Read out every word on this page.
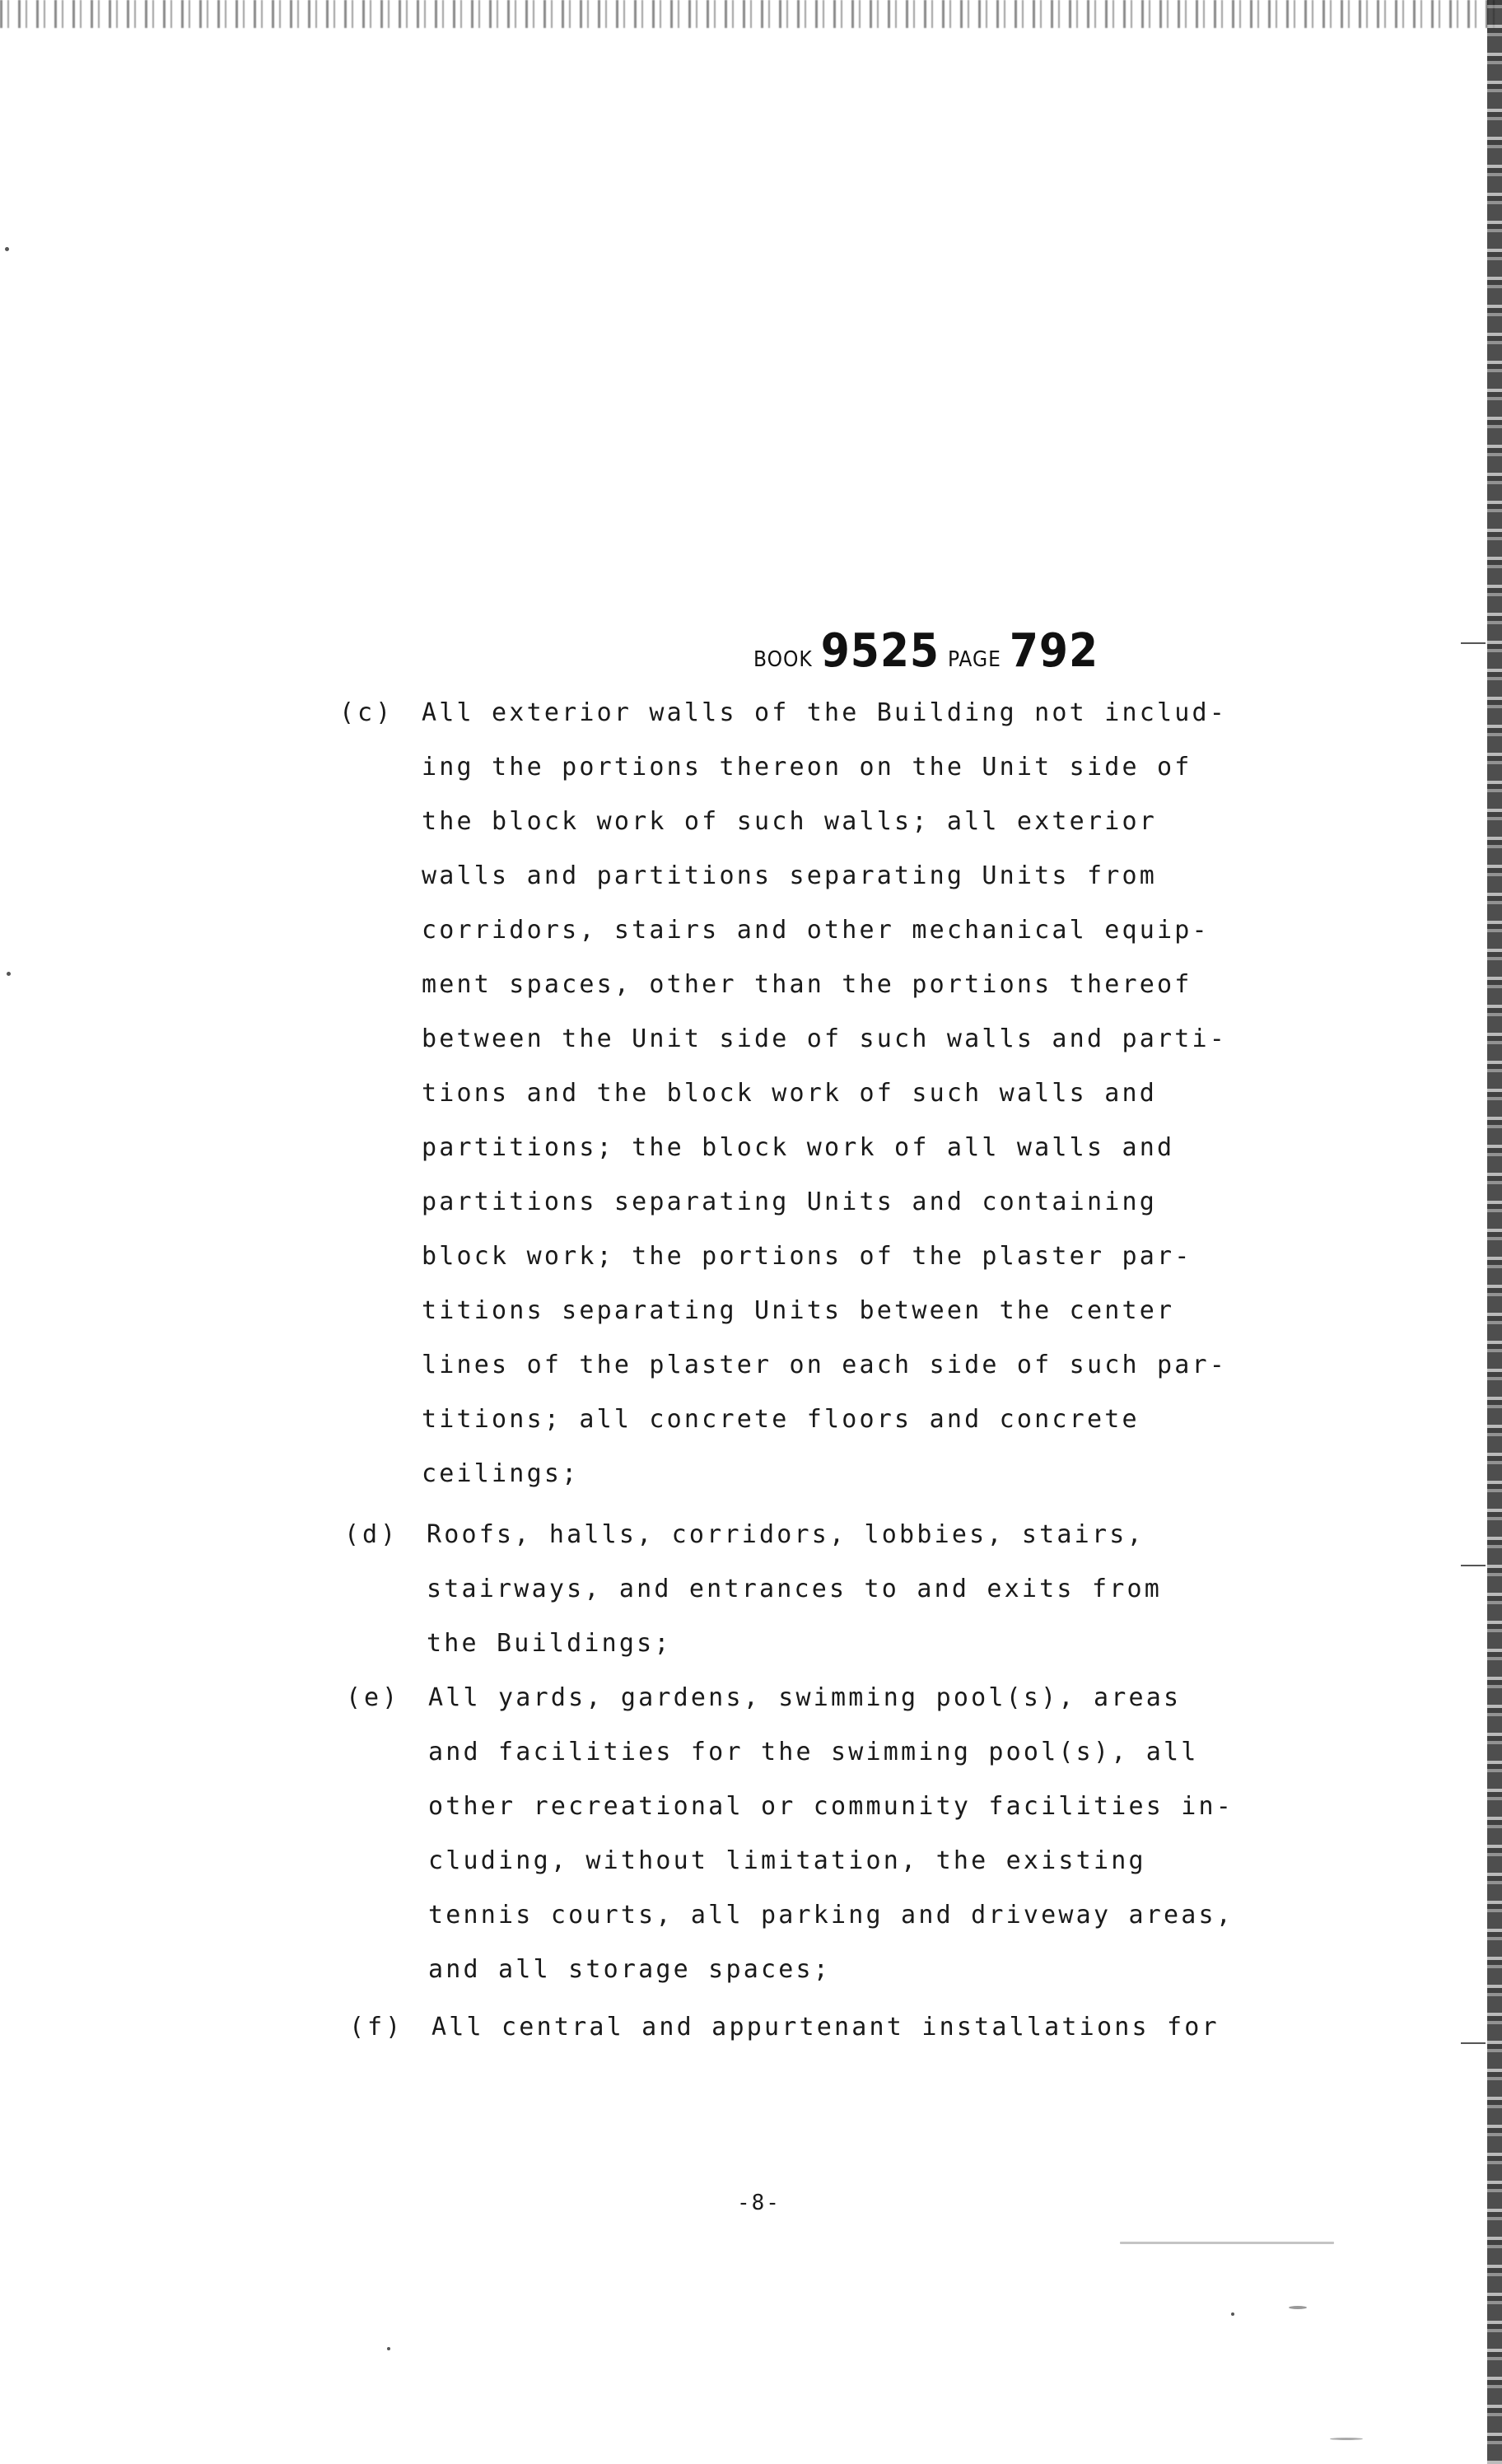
BOOK 9525 PAGE 792
(c) All exterior walls of the Building not includ-
ing the portions thereon on the Unit side of
the block work of such walls; all exterior
walls and partitions separating Units from
corridors, stairs and other mechanical equip-
ment spaces, other than the portions thereof
between the Unit side of such walls and parti-
tions and the block work of such walls and
partitions; the block work of all walls and
partitions separating Units and containing
block work; the portions of the plaster par-
titions separating Units between the center
lines of the plaster on each side of such par-
titions; all concrete floors and concrete
ceilings;
(d) Roofs, halls, corridors, lobbies, stairs,
stairways, and entrances to and exits from
the Buildings;
(e) All yards, gardens, swimming pool(s), areas
and facilities for the swimming pool(s), all
other recreational or community facilities in-
cluding, without limitation, the existing
tennis courts, all parking and driveway areas,
and all storage spaces;
(f) All central and appurtenant installations for
-8-
